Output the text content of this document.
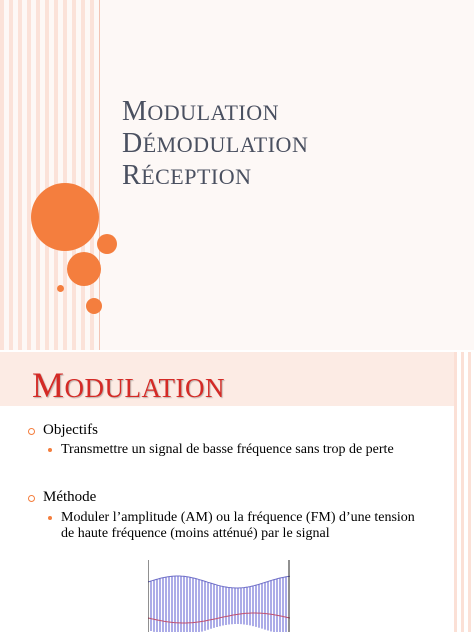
MODULATION
DÉMODULATION
RÉCEPTION
MODULATION
Objectifs
Transmettre un signal de basse fréquence sans trop de perte
Méthode
Moduler l’amplitude (AM) ou la fréquence (FM) d’une tension de haute fréquence (moins atténué) par le signal
